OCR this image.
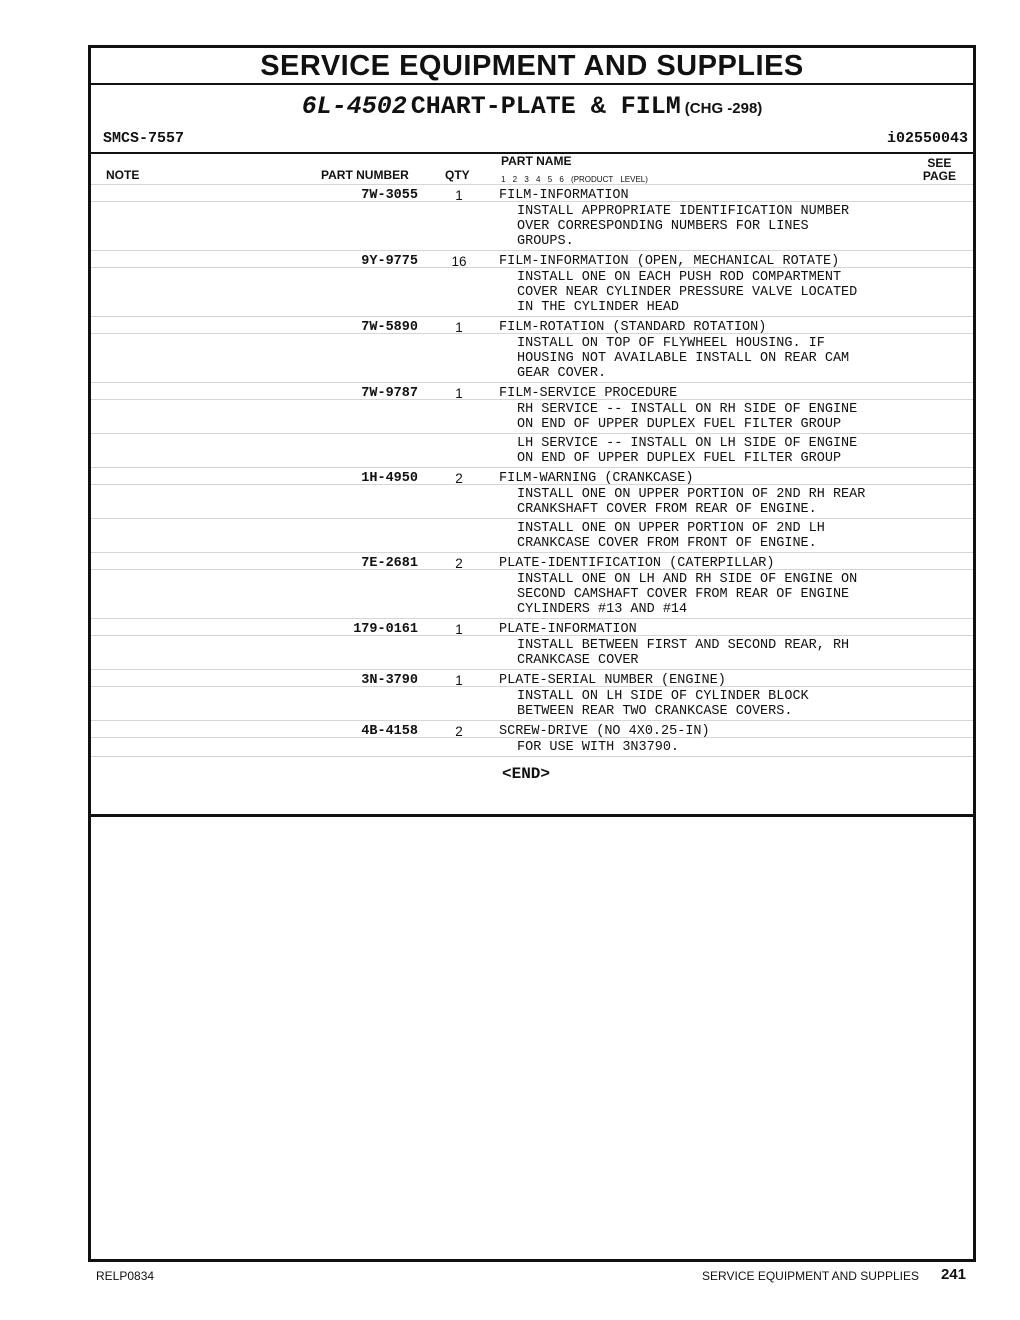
SERVICE EQUIPMENT AND SUPPLIES
6L-4502 CHART-PLATE & FILM (CHG -298)
SMCS-7557	i02550043
NOTE	PART NUMBER	QTY
PART NAME
1 2 3 4 5 6 (PRODUCT LEVEL)
SEE
PAGE
7W-3055	1	FILM-INFORMATION
INSTALL APPROPRIATE IDENTIFICATION NUMBER
OVER CORRESPONDING NUMBERS FOR LINES
GROUPS.
9Y-9775	16	FILM-INFORMATION (OPEN, MECHANICAL ROTATE)
INSTALL ONE ON EACH PUSH ROD COMPARTMENT
COVER NEAR CYLINDER PRESSURE VALVE LOCATED
IN THE CYLINDER HEAD
7W-5890	1	FILM-ROTATION (STANDARD ROTATION)
INSTALL ON TOP OF FLYWHEEL HOUSING. IF
HOUSING NOT AVAILABLE INSTALL ON REAR CAM
GEAR COVER.
7W-9787	1	FILM-SERVICE PROCEDURE
RH SERVICE -- INSTALL ON RH SIDE OF ENGINE
ON END OF UPPER DUPLEX FUEL FILTER GROUP
LH SERVICE -- INSTALL ON LH SIDE OF ENGINE
ON END OF UPPER DUPLEX FUEL FILTER GROUP
1H-4950	2	FILM-WARNING (CRANKCASE)
INSTALL ONE ON UPPER PORTION OF 2ND RH REAR
CRANKSHAFT COVER FROM REAR OF ENGINE.
INSTALL ONE ON UPPER PORTION OF 2ND LH
CRANKCASE COVER FROM FRONT OF ENGINE.
7E-2681	2	PLATE-IDENTIFICATION (CATERPILLAR)
INSTALL ONE ON LH AND RH SIDE OF ENGINE ON
SECOND CAMSHAFT COVER FROM REAR OF ENGINE
CYLINDERS #13 AND #14
179-0161	1	PLATE-INFORMATION
INSTALL BETWEEN FIRST AND SECOND REAR, RH
CRANKCASE COVER
3N-3790	1	PLATE-SERIAL NUMBER (ENGINE)
INSTALL ON LH SIDE OF CYLINDER BLOCK
BETWEEN REAR TWO CRANKCASE COVERS.
4B-4158	2	SCREW-DRIVE (NO 4X0.25-IN)
FOR USE WITH 3N3790.
<END>
RELP0834	SERVICE EQUIPMENT AND SUPPLIES 241
